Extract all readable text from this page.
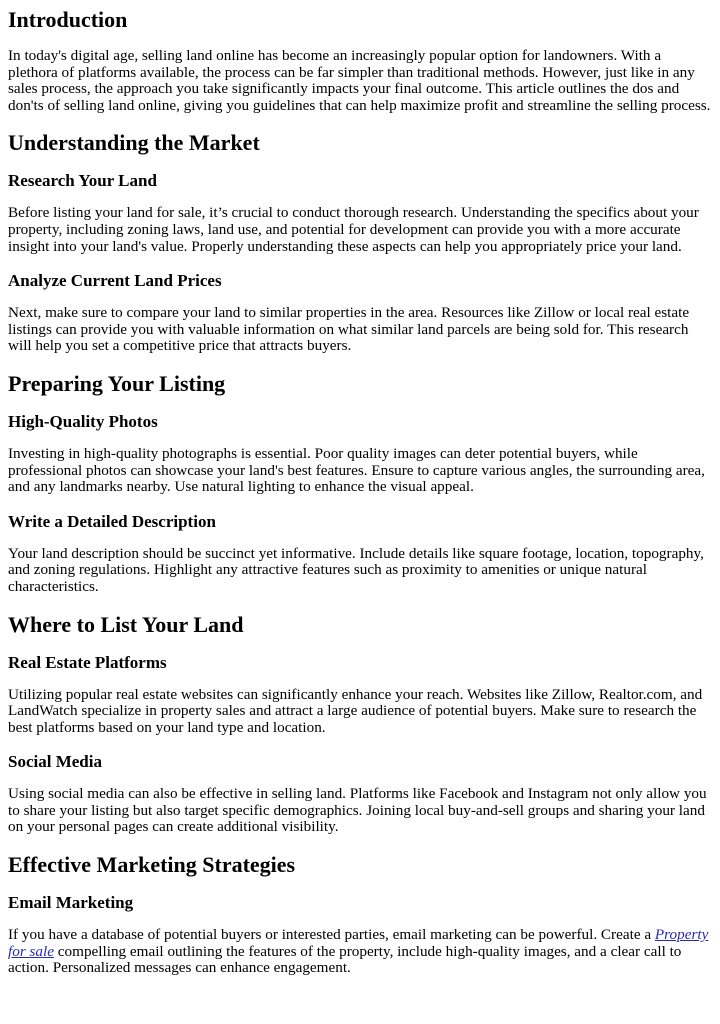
Introduction

In today's digital age, selling land online has become an increasingly popular option for landowners. With a plethora of platforms available, the process can be far simpler than traditional methods. However, just like in any sales process, the approach you take significantly impacts your final outcome. This article outlines the dos and don'ts of selling land online, giving you guidelines that can help maximize profit and streamline the selling process.

Understanding the Market
Research Your Land

Before listing your land for sale, it’s crucial to conduct thorough research. Understanding the specifics about your property, including zoning laws, land use, and potential for development can provide you with a more accurate insight into your land's value. Properly understanding these aspects can help you appropriately price your land.

Analyze Current Land Prices

Next, make sure to compare your land to similar properties in the area. Resources like Zillow or local real estate listings can provide you with valuable information on what similar land parcels are being sold for. This research will help you set a competitive price that attracts buyers.

Preparing Your Listing
High-Quality Photos

Investing in high-quality photographs is essential. Poor quality images can deter potential buyers, while professional photos can showcase your land's best features. Ensure to capture various angles, the surrounding area, and any landmarks nearby. Use natural lighting to enhance the visual appeal.

Write a Detailed Description

Your land description should be succinct yet informative. Include details like square footage, location, topography, and zoning regulations. Highlight any attractive features such as proximity to amenities or unique natural characteristics.

Where to List Your Land
Real Estate Platforms

Utilizing popular real estate websites can significantly enhance your reach. Websites like Zillow, Realtor.com, and LandWatch specialize in property sales and attract a large audience of potential buyers. Make sure to research the best platforms based on your land type and location.

Social Media

Using social media can also be effective in selling land. Platforms like Facebook and Instagram not only allow you to share your listing but also target specific demographics. Joining local buy-and-sell groups and sharing your land on your personal pages can create additional visibility.

Effective Marketing Strategies
Email Marketing

If you have a database of potential buyers or interested parties, email marketing can be powerful. Create a Property for sale compelling email outlining the features of the property, include high-quality images, and a clear call to action. Personalized messages can enhance engagement.
